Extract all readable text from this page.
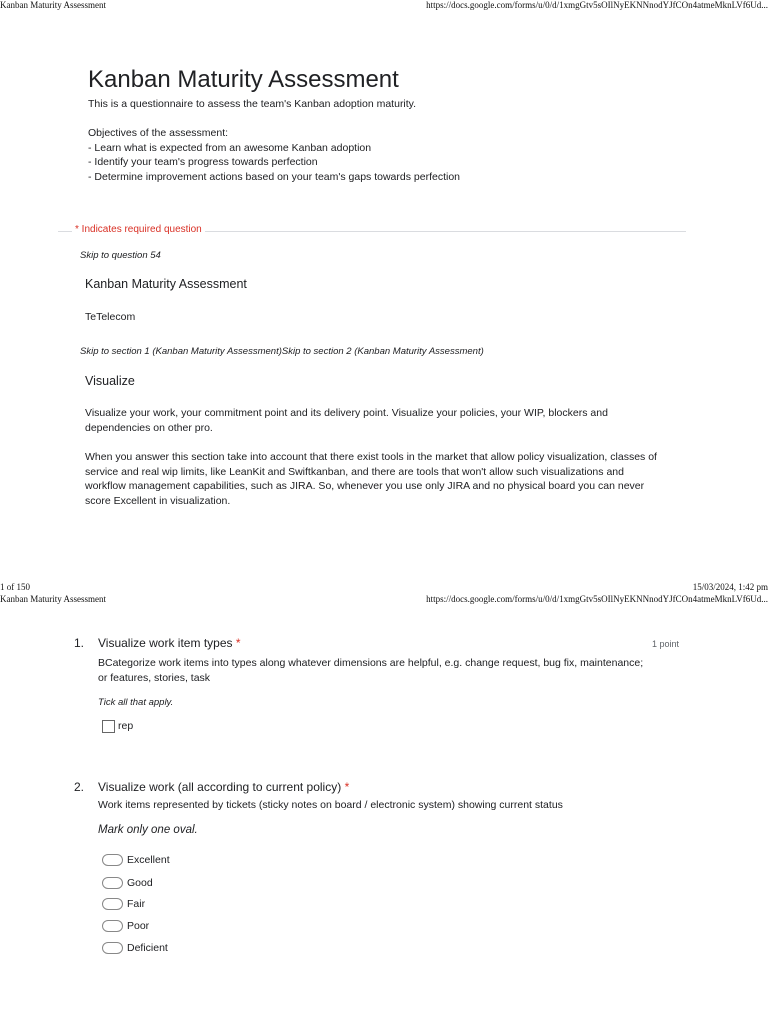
Kanban Maturity Assessment	https://docs.google.com/forms/u/0/d/1xmgGtv5sOIlNyEKNNnodYJfCOn4atmeMknLVf6Ud...
Kanban Maturity Assessment
This is a questionnaire to assess the team's Kanban adoption maturity.
Objectives of the assessment:
- Learn what is expected from an awesome Kanban adoption
- Identify your team's progress towards perfection
- Determine improvement actions based on your team's gaps towards perfection
* Indicates required question
Skip to question 54
Kanban Maturity Assessment
TeTelecom
Skip to section 1 (Kanban Maturity Assessment)Skip to section 2 (Kanban Maturity Assessment)
Visualize
Visualize your work, your commitment point and its delivery point. Visualize your policies, your WIP, blockers and
dependencies on other pro.
When you answer this section take into account that there exist tools in the market that allow policy visualization, classes of
service and real wip limits, like LeanKit and Swiftkanban, and there are tools that won't allow such visualizations and
workflow management capabilities, such as JIRA. So, whenever you use only JIRA and no physical board you can never
score Excellent in visualization.
1 of 150	15/03/2024, 1:42 pm
Kanban Maturity Assessment	https://docs.google.com/forms/u/0/d/1xmgGtv5sOIlNyEKNNnodYJfCOn4atmeMknLVf6Ud...
1. Visualize work item types *	1 point
BCategorize work items into types along whatever dimensions are helpful, e.g. change request, bug fix, maintenance;
or features, stories, task
Tick all that apply.
rep
2. Visualize work (all according to current policy) *
Work items represented by tickets (sticky notes on board / electronic system) showing current status
Mark only one oval.
Excellent
Good
Fair
Poor
Deficient
